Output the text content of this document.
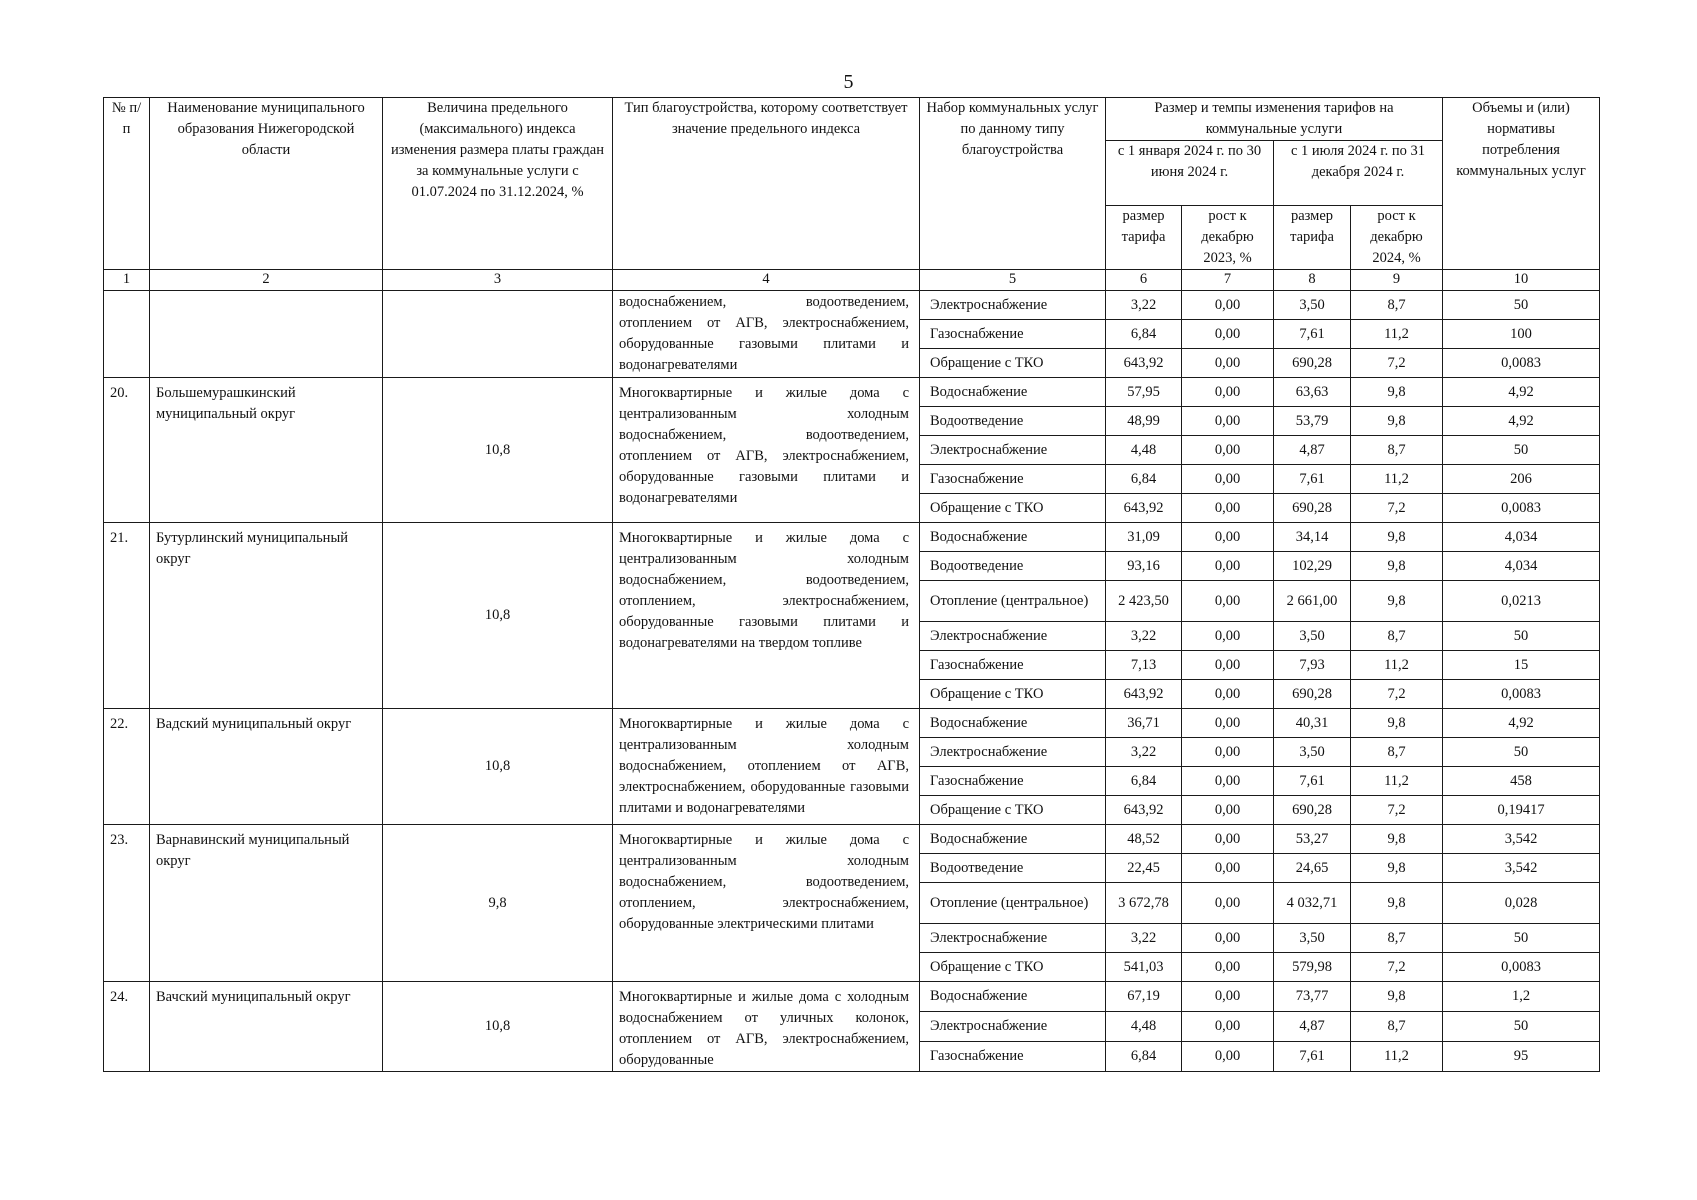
5
№ п/п	Наименование муниципального образования Нижегородской области	Величина предельного (максимального) индекса изменения размера платы граждан за коммунальные услуги с 01.07.2024 по 31.12.2024, %	Тип благоустройства, которому соответствует значение предельного индекса	Набор коммунальных услуг по данному типу благоустройства	Размер и темпы изменения тарифов на коммунальные услуги				Объемы и (или) нормативы потребления коммунальных услуг
					с 1 января 2024 г. по 30 июня 2024 г.		с 1 июля 2024 г. по 31 декабря 2024 г.		
					размер тарифа	рост к декабрю 2023, %	размер тарифа	рост к декабрю 2024, %	
1	2	3	4	5	6	7	8	9	10
			водоснабжением, водоотведением, отоплением от АГВ, электроснабжением, оборудованные газовыми плитами и водонагревателями	Электроснабжение	3,22	0,00	3,50	8,7	50
				Газоснабжение	6,84	0,00	7,61	11,2	100
				Обращение с ТКО	643,92	0,00	690,28	7,2	0,0083
20.	Большемурашкинский муниципальный округ	10,8	Многоквартирные и жилые дома с централизованным холодным водоснабжением, водоотведением, отоплением от АГВ, электроснабжением, оборудованные газовыми плитами и водонагревателями	Водоснабжение	57,95	0,00	63,63	9,8	4,92
				Водоотведение	48,99	0,00	53,79	9,8	4,92
				Электроснабжение	4,48	0,00	4,87	8,7	50
				Газоснабжение	6,84	0,00	7,61	11,2	206
				Обращение с ТКО	643,92	0,00	690,28	7,2	0,0083
21.	Бутурлинский муниципальный округ	10,8	Многоквартирные и жилые дома с централизованным холодным водоснабжением, водоотведением, отоплением, электроснабжением, оборудованные газовыми плитами и водонагревателями на твердом топливе	Водоснабжение	31,09	0,00	34,14	9,8	4,034
				Водоотведение	93,16	0,00	102,29	9,8	4,034
				Отопление (центральное)	2 423,50	0,00	2 661,00	9,8	0,0213
				Электроснабжение	3,22	0,00	3,50	8,7	50
				Газоснабжение	7,13	0,00	7,93	11,2	15
				Обращение с ТКО	643,92	0,00	690,28	7,2	0,0083
22.	Вадский муниципальный округ	10,8	Многоквартирные и жилые дома с централизованным холодным водоснабжением, отоплением от АГВ, электроснабжением, оборудованные газовыми плитами и водонагревателями	Водоснабжение	36,71	0,00	40,31	9,8	4,92
				Электроснабжение	3,22	0,00	3,50	8,7	50
				Газоснабжение	6,84	0,00	7,61	11,2	458
				Обращение с ТКО	643,92	0,00	690,28	7,2	0,19417
23.	Варнавинский муниципальный округ	9,8	Многоквартирные и жилые дома с централизованным холодным водоснабжением, водоотведением, отоплением, электроснабжением, оборудованные электрическими плитами	Водоснабжение	48,52	0,00	53,27	9,8	3,542
				Водоотведение	22,45	0,00	24,65	9,8	3,542
				Отопление (центральное)	3 672,78	0,00	4 032,71	9,8	0,028
				Электроснабжение	3,22	0,00	3,50	8,7	50
				Обращение с ТКО	541,03	0,00	579,98	7,2	0,0083
24.	Вачский муниципальный округ	10,8	Многоквартирные и жилые дома с холодным водоснабжением от уличных колонок, отоплением от АГВ, электроснабжением, оборудованные	Водоснабжение	67,19	0,00	73,77	9,8	1,2
				Электроснабжение	4,48	0,00	4,87	8,7	50
				Газоснабжение	6,84	0,00	7,61	11,2	95
